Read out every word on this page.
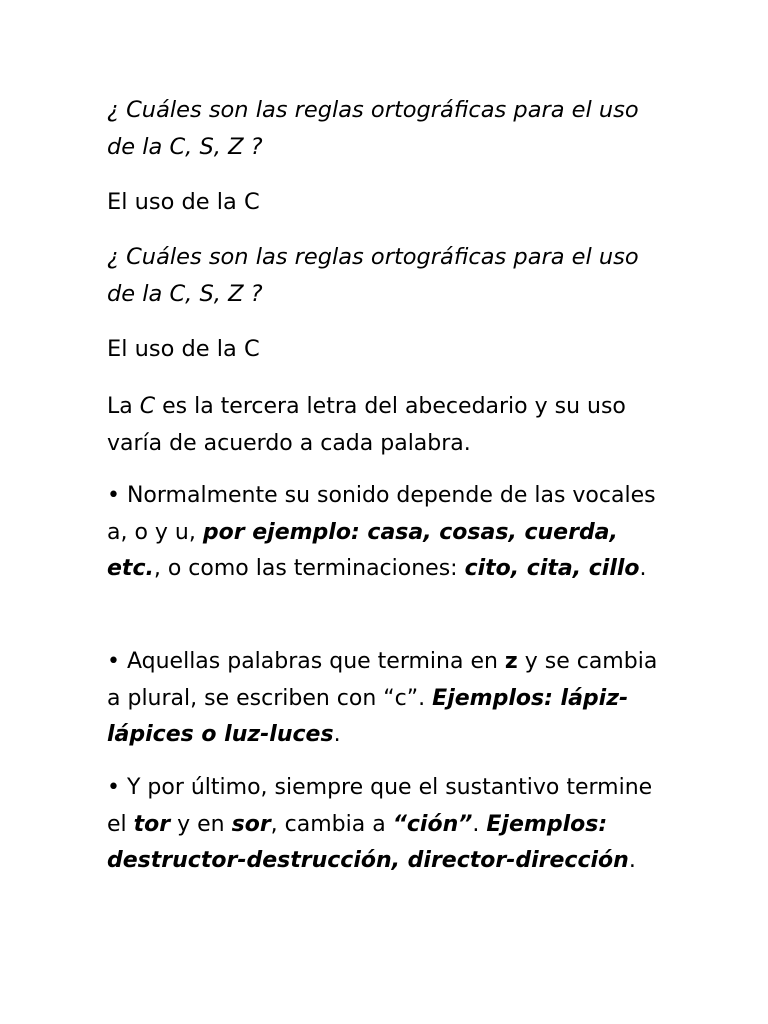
¿ Cuáles son las reglas ortográficas para el uso de la C, S, Z ?

El uso de la C

¿ Cuáles son las reglas ortográficas para el uso de la C, S, Z ?

El uso de la C

La C es la tercera letra del abecedario y su uso varía de acuerdo a cada palabra.

• Normalmente su sonido depende de las vocales a, o y u, por ejemplo: casa, cosas, cuerda, etc., o como las terminaciones: cito, cita, cillo.

• Aquellas palabras que termina en z y se cambia a plural, se escriben con “c”. Ejemplos: lápiz- lápices o luz-luces.

• Y por último, siempre que el sustantivo termine el tor y en sor, cambia a “ción”. Ejemplos: destructor-destrucción, director-dirección.
